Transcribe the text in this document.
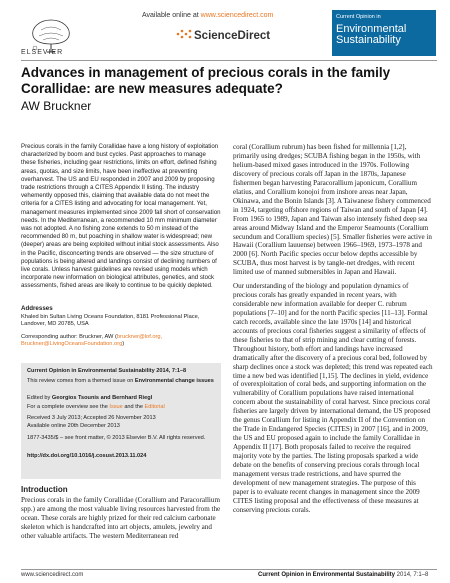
ELSEVIER
Available online at www.sciencedirect.com
ScienceDirect
Current Opinion in
Environmental Sustainability
Advances in management of precious corals in the family Corallidae: are new measures adequate?
AW Bruckner
Precious corals in the family Corallidae have a long history of exploitation characterized by boom and bust cycles. Past approaches to manage these fisheries, including gear restrictions, limits on effort, defined fishing areas, quotas, and size limits, have been ineffective at preventing overharvest. The US and EU responded in 2007 and 2009 by proposing trade restrictions through a CITES Appendix II listing. The industry vehemently opposed this, claiming that available data do not meet the criteria for a CITES listing and advocating for local management. Yet, management measures implemented since 2009 fall short of conservation needs. In the Mediterranean, a recommended 10 mm minimum diameter was not adopted. A no fishing zone extends to 50 m instead of the recommended 80 m, but poaching in shallow water is widespread; new (deeper) areas are being exploited without initial stock assessments. Also in the Pacific, disconcerting trends are observed — the size structure of populations is being altered and landings consist of declining numbers of live corals. Unless harvest guidelines are revised using models which incorporate new information on biological attributes, genetics, and stock assessments, fished areas are likely to continue to be quickly depleted.
Addresses
Khaled bin Sultan Living Oceans Foundation, 8181 Professional Place, Landover, MD 20785, USA
Corresponding author: Bruckner, AW (bruckner@lof.org, Bruckner@LivingOceansFoundation.org)
Current Opinion in Environmental Sustainability 2014, 7:1–8
This review comes from a themed issue on Environmental change issues
Edited by Georgios Tsounis and Bernhard Riegl
For a complete overview see the Issue and the Editorial
Received 3 July 2013; Accepted 26 November 2013
Available online 20th December 2013
1877-3435/$ – see front matter, © 2013 Elsevier B.V. All rights reserved.
http://dx.doi.org/10.1016/j.cosust.2013.11.024
Introduction
Precious corals in the family Corallidae (Corallium and Paracorallium spp.) are among the most valuable living resources harvested from the ocean. These corals are highly prized for their red calcium carbonate skeleton which is handcrafted into art objects, amulets, jewelry and other valuable artifacts. The western Mediterranean red
coral (Corallium rubrum) has been fished for millennia [1,2], primarily using dredges; SCUBA fishing began in the 1950s, with helium-based mixed gases introduced in the 1970s. Following discovery of precious corals off Japan in the 1870s, Japanese fishermen began harvesting Paracorallium japonicum, Corallium elatius, and Corallium konojoi from inshore areas near Japan, Okinawa, and the Bonin Islands [3]. A Taiwanese fishery commenced in 1924, targeting offshore regions of Taiwan and south of Japan [4]. From 1965 to 1989, Japan and Taiwan also intensely fished deep sea areas around Midway Island and the Emperor Seamounts (Corallium secundum and Corallium species) [5]. Smaller fisheries were active in Hawaii (Corallium lauuense) between 1966–1969, 1973–1978 and 2000 [6]. North Pacific species occur below depths accessible by SCUBA, thus most harvest is by tangle-net dredges, with recent limited use of manned submersibles in Japan and Hawaii.
Our understanding of the biology and population dynamics of precious corals has greatly expanded in recent years, with considerable new information available for deeper C. rubrum populations [7–10] and for the north Pacific species [11–13]. Formal catch records, available since the late 1970s [14] and historical accounts of precious coral fisheries suggest a similarity of effects of these fisheries to that of strip mining and clear cutting of forests. Throughout history, both effort and landings have increased dramatically after the discovery of a precious coral bed, followed by sharp declines once a stock was depleted; this trend was repeated each time a new bed was identified [1,15]. The declines in yield, evidence of overexploitation of coral beds, and supporting information on the vulnerability of Corallium populations have raised international concern about the sustainability of coral harvest. Since precious coral fisheries are largely driven by international demand, the US proposed the genus Corallium for listing in Appendix II of the Convention on the Trade in Endangered Species (CITES) in 2007 [16], and in 2009, the US and EU proposed again to include the family Corallidae in Appendix II [17]. Both proposals failed to receive the required majority vote by the parties. The listing proposals sparked a wide debate on the benefits of conserving precious corals through local management versus trade restrictions, and have spurred the development of new management strategies. The purpose of this paper is to evaluate recent changes in management since the 2009 CITES listing proposal and the effectiveness of these measures at conserving precious corals.
www.sciencedirect.com	Current Opinion in Environmental Sustainability 2014, 7:1–8
